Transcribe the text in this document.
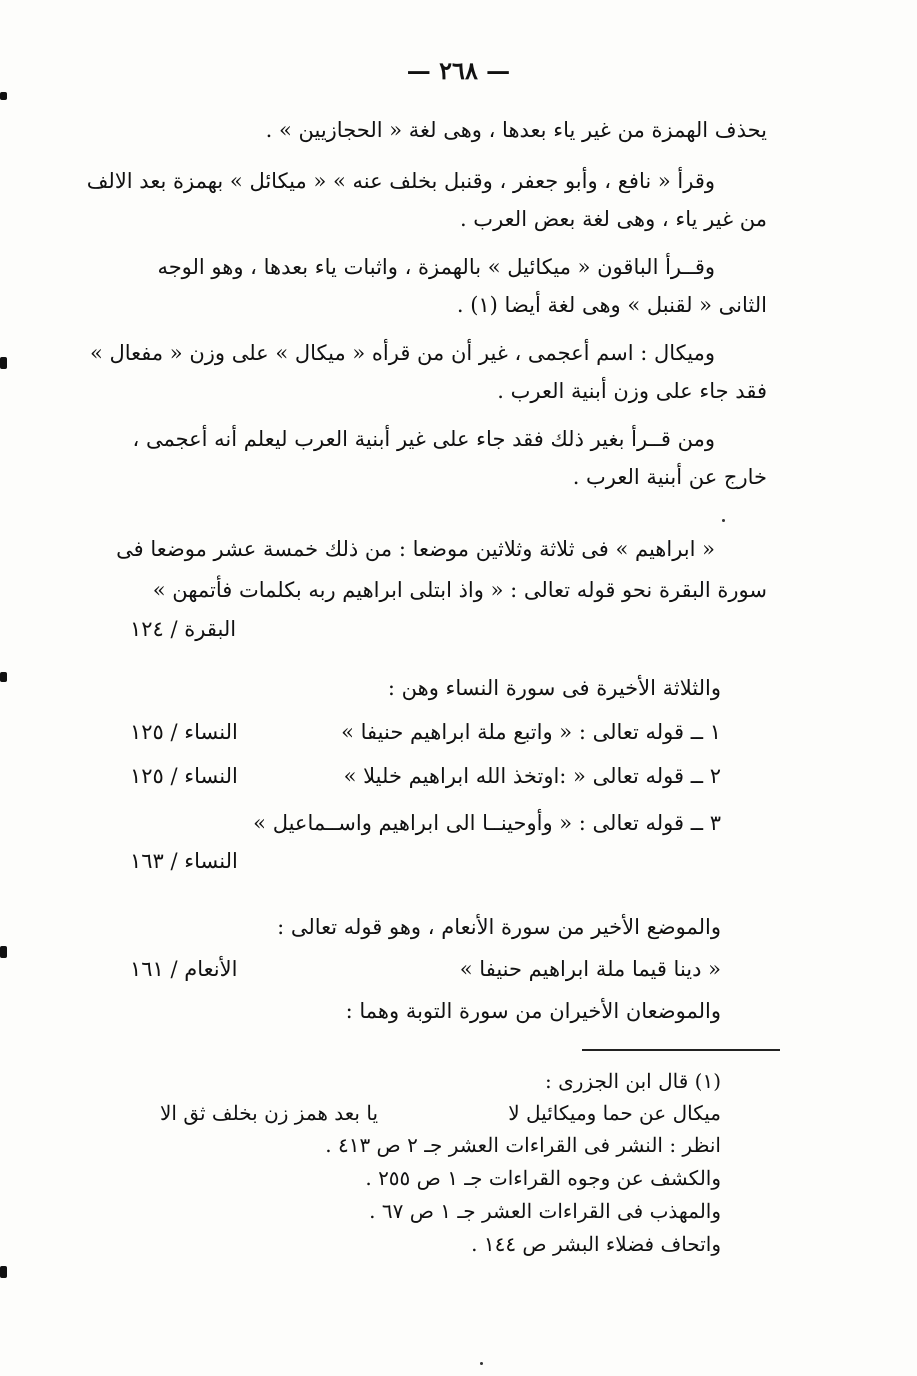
— ٢٦٨ —
يحذف الهمزة من غير ياء بعدها ، وهى لغة « الحجازيين » .
وقرأ « نافع ، وأبو جعفر ، وقنبل بخلف عنه » « ميكائل » بهمزة بعد الالف
من غير ياء ، وهى لغة بعض العرب .
وقــرأ الباقون « ميكائيل » بالهمزة ، واثبات ياء بعدها ، وهو الوجه
الثانى « لقنبل » وهى لغة أيضا (١) .
وميكال : اسم أعجمى ، غير أن من قرأه « ميكال » على وزن « مفعال »
فقد جاء على وزن أبنية العرب .
ومن قــرأ بغير ذلك فقد جاء على غير أبنية العرب ليعلم أنه أعجمى ،
خارج عن أبنية العرب .
« ابراهيم » فى ثلاثة وثلاثين موضعا : من ذلك خمسة عشر موضعا فى
سورة البقرة نحو قوله تعالى : « واذ ابتلى ابراهيم ربه بكلمات فأتمهن »
البقرة / ١٢٤
والثلاثة الأخيرة فى سورة النساء وهن :
١ ــ قوله تعالى : « واتبع ملة ابراهيم حنيفا »
النساء / ١٢٥
٢ ــ قوله تعالى « :اوتخذ الله ابراهيم خليلا »
النساء / ١٢٥
٣ ــ قوله تعالى : « وأوحينــا الى ابراهيم واســماعيل »
النساء / ١٦٣
والموضع الأخير من سورة الأنعام ، وهو قوله تعالى :
« دينا قيما ملة ابراهيم حنيفا »
الأنعام / ١٦١
والموضعان الأخيران من سورة التوبة وهما :
(١) قال ابن الجزرى :
ميكال عن حما وميكائيل لا
يا بعد همز زن بخلف ثق الا
انظر : النشر فى القراءات العشر جـ ٢ ص ٤١٣ .
والكشف عن وجوه القراءات جـ ١ ص ٢٥٥ .
والمهذب فى القراءات العشر جـ ١ ص ٦٧ .
واتحاف فضلاء البشر ص ١٤٤ .
